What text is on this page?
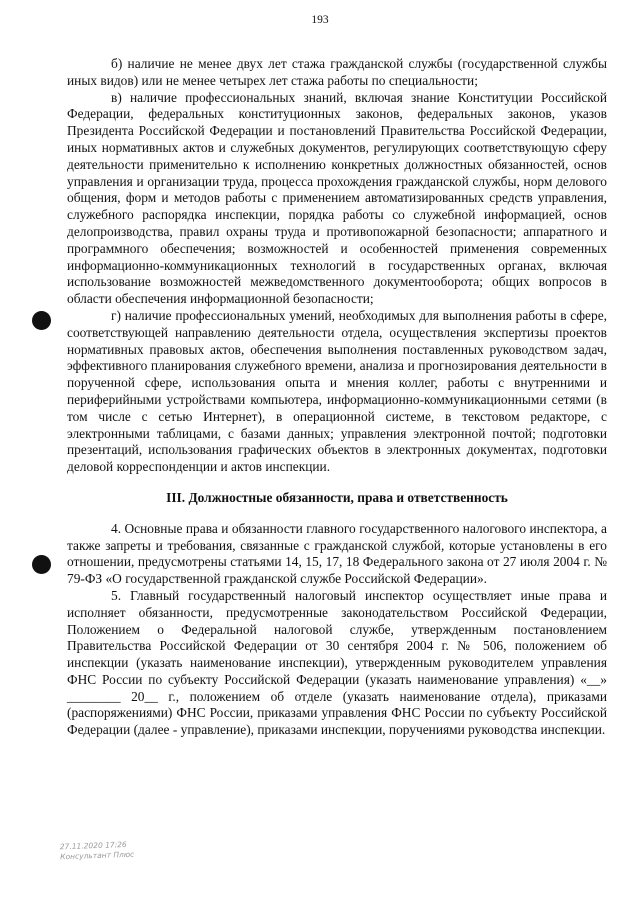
193

б) наличие не менее двух лет стажа гражданской службы (государственной службы иных видов) или не менее четырех лет стажа работы по специальности;

в) наличие профессиональных знаний, включая знание Конституции Российской Федерации, федеральных конституционных законов, федеральных законов, указов Президента Российской Федерации и постановлений Правительства Российской Федерации, иных нормативных актов и служебных документов, регулирующих соответствующую сферу деятельности применительно к исполнению конкретных должностных обязанностей, основ управления и организации труда, процесса прохождения гражданской службы, норм делового общения, форм и методов работы с применением автоматизированных средств управления, служебного распорядка инспекции, порядка работы со служебной информацией, основ делопроизводства, правил охраны труда и противопожарной безопасности; аппаратного и программного обеспечения; возможностей и особенностей применения современных информационно-коммуникационных технологий в государственных органах, включая использование возможностей межведомственного документооборота; общих вопросов в области обеспечения информационной безопасности;

г) наличие профессиональных умений, необходимых для выполнения работы в сфере, соответствующей направлению деятельности отдела, осуществления экспертизы проектов нормативных правовых актов, обеспечения выполнения поставленных руководством задач, эффективного планирования служебного времени, анализа и прогнозирования деятельности в порученной сфере, использования опыта и мнения коллег, работы с внутренними и периферийными устройствами компьютера, информационно-коммуникационными сетями (в том числе с сетью Интернет), в операционной системе, в текстовом редакторе, с электронными таблицами, с базами данных; управления электронной почтой; подготовки презентаций, использования графических объектов в электронных документах, подготовки деловой корреспонденции и актов инспекции.

III. Должностные обязанности, права и ответственность

4. Основные права и обязанности главного государственного налогового инспектора, а также запреты и требования, связанные с гражданской службой, которые установлены в его отношении, предусмотрены статьями 14, 15, 17, 18 Федерального закона от 27 июля 2004 г. № 79-ФЗ «О государственной гражданской службе Российской Федерации».

5. Главный государственный налоговый инспектор осуществляет иные права и исполняет обязанности, предусмотренные законодательством Российской Федерации, Положением о Федеральной налоговой службе, утвержденным постановлением Правительства Российской Федерации от 30 сентября 2004 г. № 506, положением об инспекции (указать наименование инспекции), утвержденным руководителем управления ФНС России по субъекту Российской Федерации (указать наименование управления) «__» ________ 20__ г., положением об отделе (указать наименование отдела), приказами (распоряжениями) ФНС России, приказами управления ФНС России по субъекту Российской Федерации (далее - управление), приказами инспекции, поручениями руководства инспекции.

27.11.2020 17:26
Консультант Плюс
